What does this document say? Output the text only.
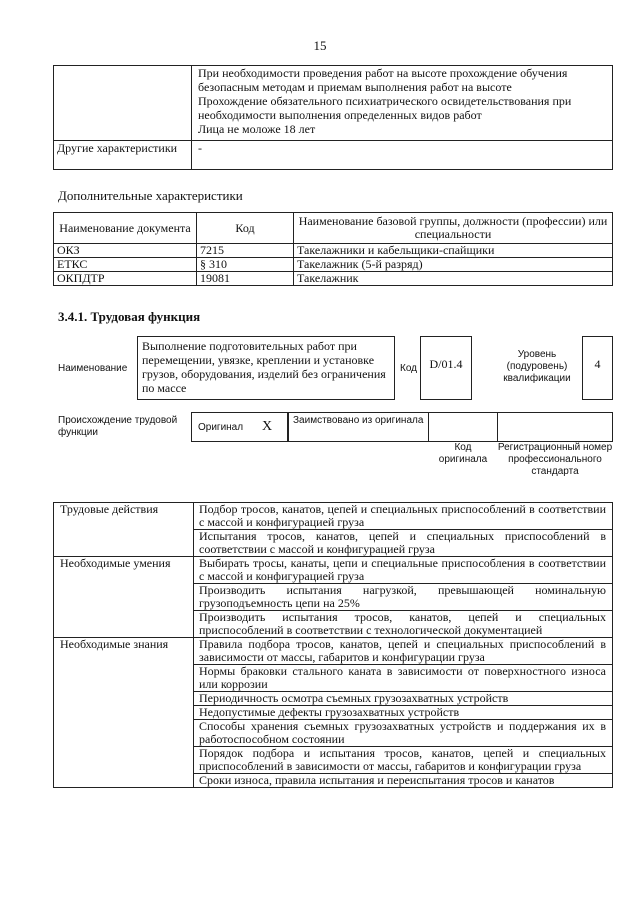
15

	При необходимости проведения работ на высоте прохождение обучения безопасным методам и приемам выполнения работ на высоте
Прохождение обязательного психиатрического освидетельствования при необходимости выполнения определенных видов работ
Лица не моложе 18 лет

Другие характеристики	-
Дополнительные характеристики
Наименование документа	Код	Наименование базовой группы, должности (профессии) или специальности
ОКЗ	7215	Такелажники и кабельщики-спайщики
ЕТКС	§ 310	Такелажник (5-й разряд)
ОКПДТР	19081	Такелажник
3.4.1. Трудовая функция
Наименование
Выполнение подготовительных работ при перемещении, увязке, креплении и установке грузов, оборудования, изделий без ограничения по массе
Код	D/01.4
Уровень (подуровень) квалификации
4
Происхождение трудовой функции	Оригинал X	Заимствовано из оригинала
Код оригинала
Регистрационный номер профессионального стандарта
Трудовые действия	Подбор тросов, канатов, цепей и специальных приспособлений в соответствии с массой и конфигурацией груза
	Испытания тросов, канатов, цепей и специальных приспособлений в соответствии с массой и конфигурацией груза
Необходимые умения	Выбирать тросы, канаты, цепи и специальные приспособления в соответствии с массой и конфигурацией груза
	Производить испытания нагрузкой, превышающей номинальную грузоподъемность цепи на 25%
	Производить испытания тросов, канатов, цепей и специальных приспособлений в соответствии с технологической документацией
Необходимые знания	Правила подбора тросов, канатов, цепей и специальных приспособлений в зависимости от массы, габаритов и конфигурации груза
	Нормы браковки стального каната в зависимости от поверхностного износа или коррозии
	Периодичность осмотра съемных грузозахватных устройств
	Недопустимые дефекты грузозахватных устройств
	Способы хранения съемных грузозахватных устройств и поддержания их в работоспособном состоянии
	Порядок подбора и испытания тросов, канатов, цепей и специальных приспособлений в зависимости от массы, габаритов и конфигурации груза
	Сроки износа, правила испытания и переиспытания тросов и канатов
